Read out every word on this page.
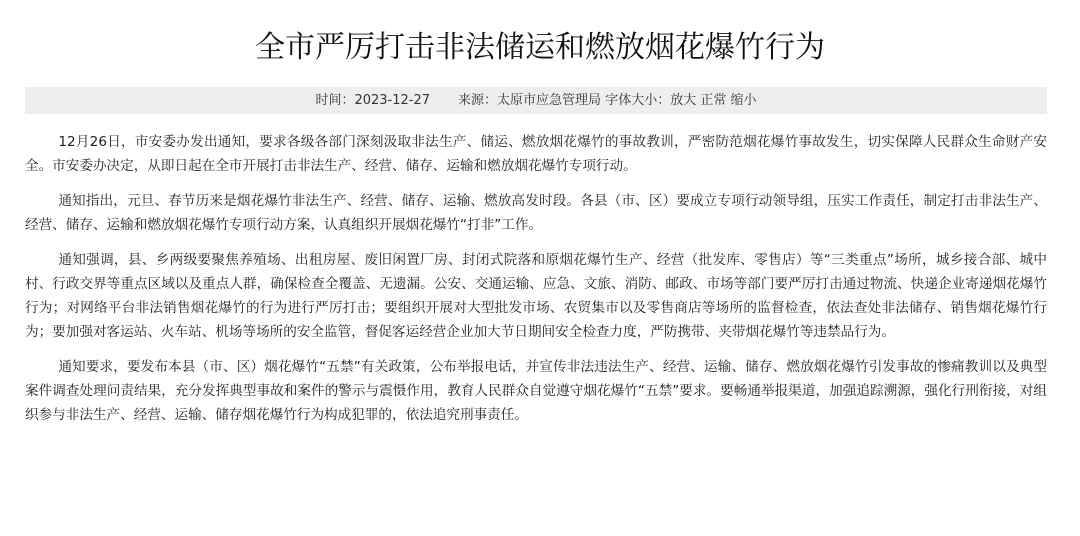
全市严厉打击非法储运和燃放烟花爆竹行为
时间：2023-12-27 来源：太原市应急管理局 字体大小：放大 正常 缩小

12月26日，市安委办发出通知，要求各级各部门深刻汲取非法生产、储运、燃放烟花爆竹的事故教训，严密防范烟花爆竹事故发生，切实保障人民群众生命财产安全。市安委办决定，从即日起在全市开展打击非法生产、经营、储存、运输和燃放烟花爆竹专项行动。

通知指出，元旦、春节历来是烟花爆竹非法生产、经营、储存、运输、燃放高发时段。各县（市、区）要成立专项行动领导组，压实工作责任，制定打击非法生产、经营、储存、运输和燃放烟花爆竹专项行动方案，认真组织开展烟花爆竹“打非”工作。

通知强调，县、乡两级要聚焦养殖场、出租房屋、废旧闲置厂房、封闭式院落和原烟花爆竹生产、经营（批发库、零售店）等“三类重点”场所，城乡接合部、城中村、行政交界等重点区域以及重点人群，确保检查全覆盖、无遗漏。公安、交通运输、应急、文旅、消防、邮政、市场等部门要严厉打击通过物流、快递企业寄递烟花爆竹行为；对网络平台非法销售烟花爆竹的行为进行严厉打击；要组织开展对大型批发市场、农贸集市以及零售商店等场所的监督检查，依法查处非法储存、销售烟花爆竹行为；要加强对客运站、火车站、机场等场所的安全监管，督促客运经营企业加大节日期间安全检查力度，严防携带、夹带烟花爆竹等违禁品行为。

通知要求，要发布本县（市、区）烟花爆竹“五禁”有关政策，公布举报电话，并宣传非法违法生产、经营、运输、储存、燃放烟花爆竹引发事故的惨痛教训以及典型案件调查处理问责结果，充分发挥典型事故和案件的警示与震慑作用，教育人民群众自觉遵守烟花爆竹“五禁”要求。要畅通举报渠道，加强追踪溯源，强化行刑衔接，对组织参与非法生产、经营、运输、储存烟花爆竹行为构成犯罪的，依法追究刑事责任。
